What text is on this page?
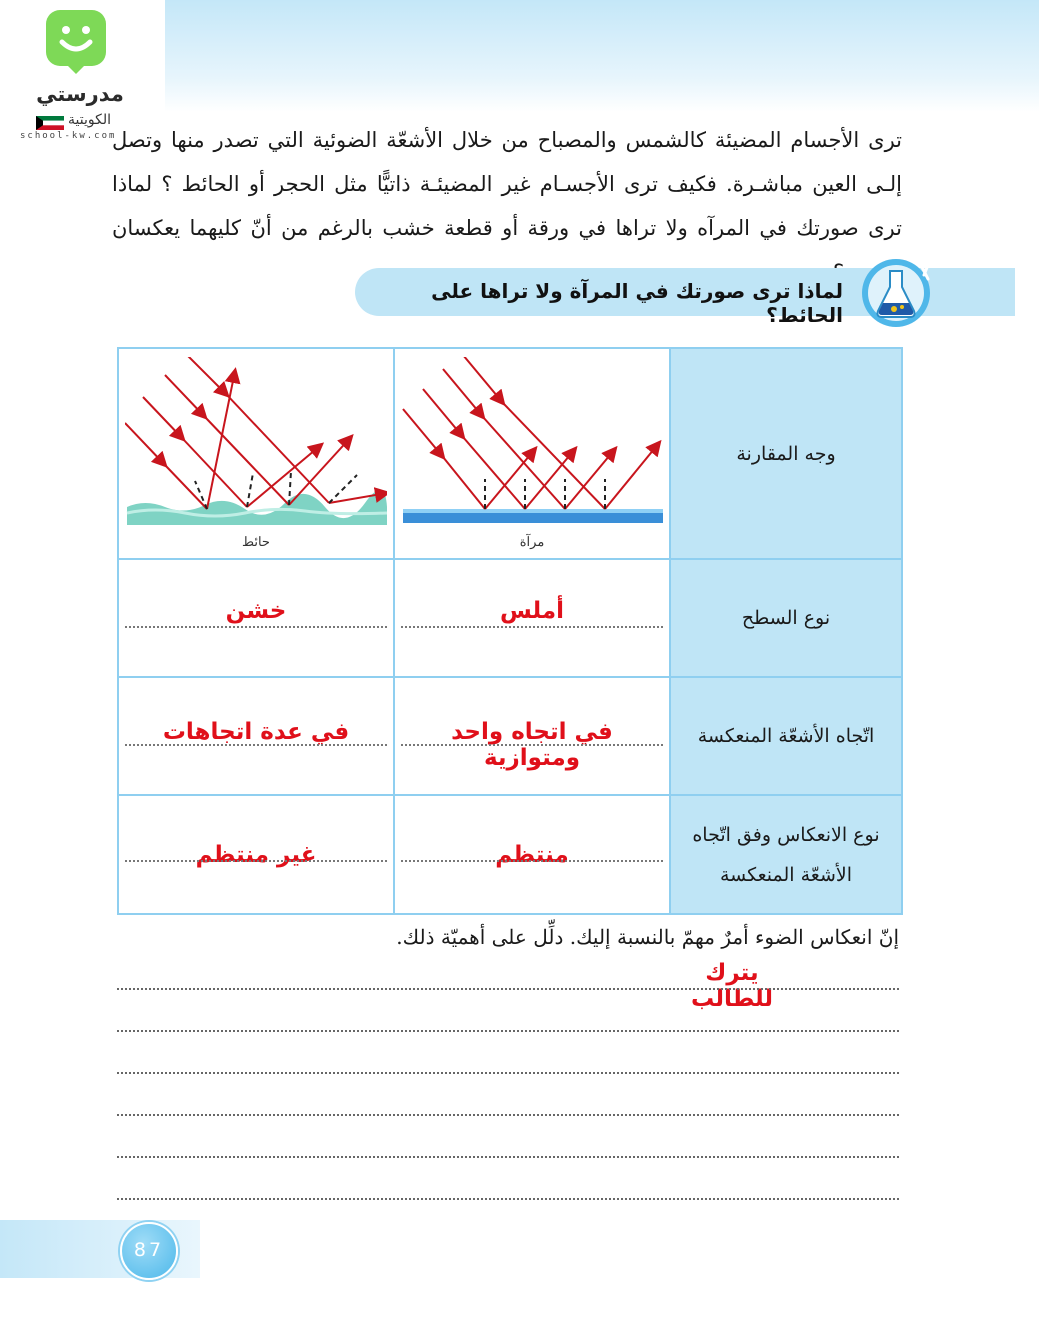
مدرستي
الكويتية
school-kw.com	ترى الأجسام المضيئة كالشمس والمصباح من خلال الأشعّة الضوئية التي تصدر منها وتصل إلـى العين مباشـرة. فكيف ترى الأجسـام غير المضيئـة ذاتيًّا مثل الحجر أو الحائط ؟ لماذا ترى صورتك في المرآه ولا تراها في ورقة أو قطعة خشب بالرغم من أنّ كليهما يعكسان

لماذا ترى صورتك في المرآة ولا تراها على الحائط؟
وجه المقارنة	مرآة	حائط

نوع السطح	أملس	خشن

اتّجاه الأشعّة المنعكسة	في اتجاه واحد ومتوازية	في عدة اتجاهات

نوع الانعكاس وفق اتّجاه الأشعّة المنعكسة	منتظم	غير منتظم
إنّ انعكاس الضوء أمرٌ مهمّ بالنسبة إليك. دلِّل على أهميّة ذلك.
يترك للطالب
87
